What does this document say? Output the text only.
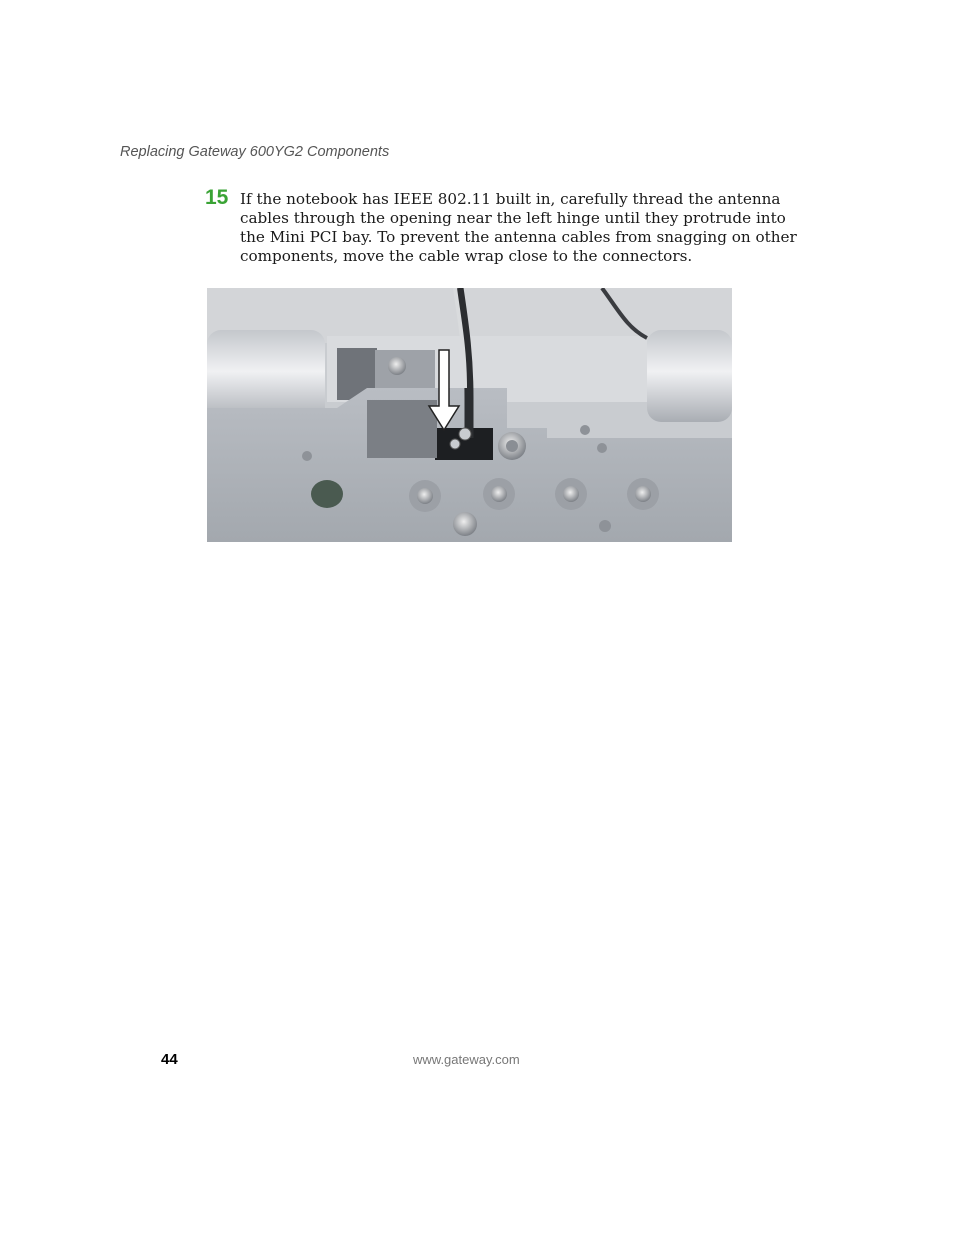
Replacing Gateway 600YG2 Components
15 If the notebook has IEEE 802.11 built in, carefully thread the antenna
cables through the opening near the left hinge until they protrude into
the Mini PCI bay. To prevent the antenna cables from snagging on other
components, move the cable wrap close to the connectors.
44	www.gateway.com
